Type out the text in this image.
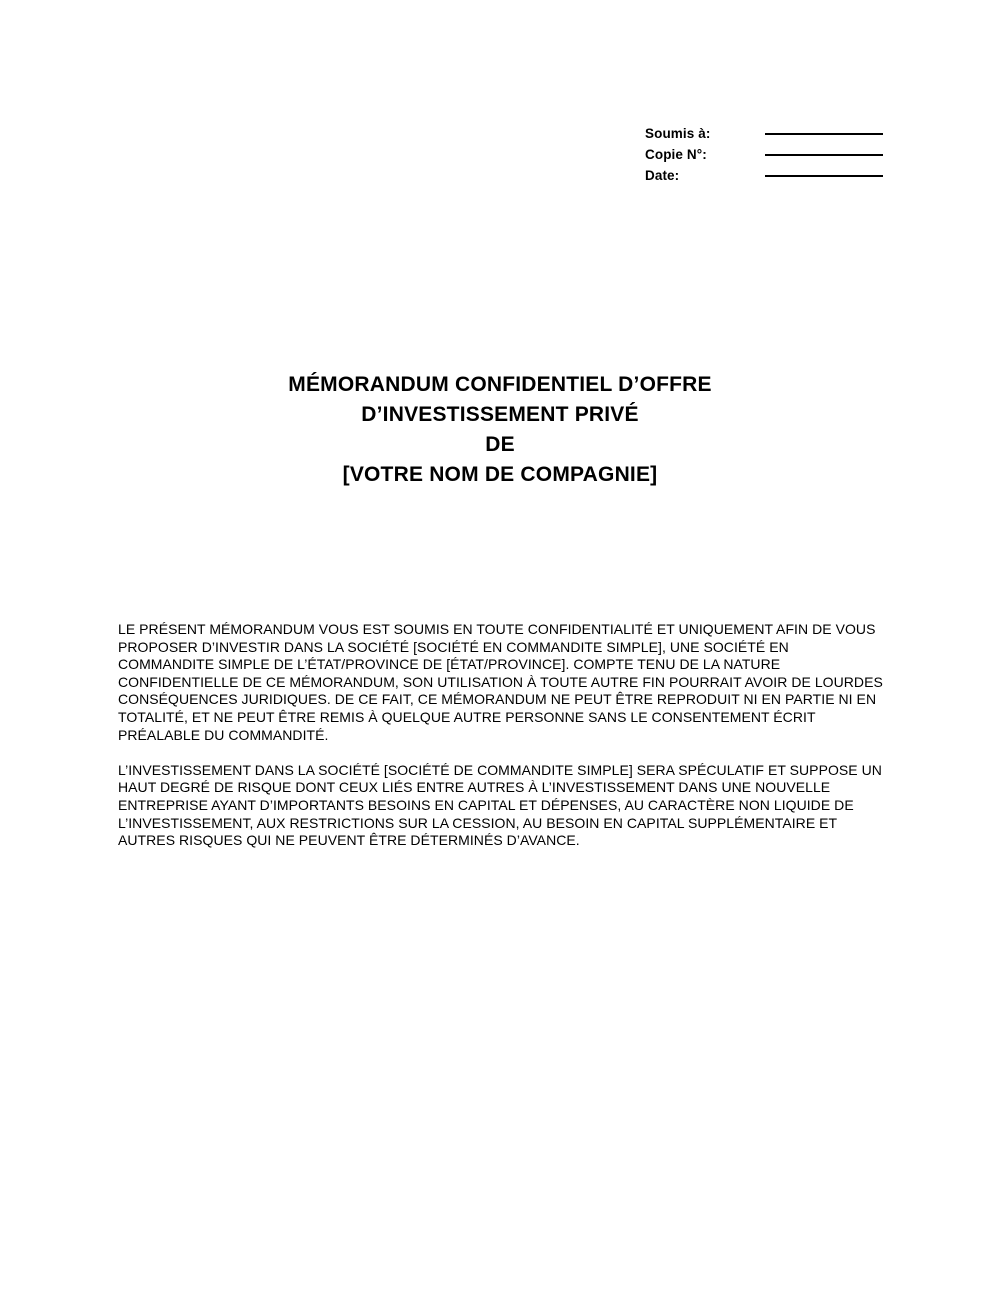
Soumis à:
Copie N°:
Date:
MÉMORANDUM CONFIDENTIEL D’OFFRE
D’INVESTISSEMENT PRIVÉ
DE
[VOTRE NOM DE COMPAGNIE]

LE PRÉSENT MÉMORANDUM VOUS EST SOUMIS EN TOUTE CONFIDENTIALITÉ ET UNIQUEMENT AFIN DE VOUS PROPOSER D’INVESTIR DANS LA SOCIÉTÉ [SOCIÉTÉ EN COMMANDITE SIMPLE], UNE SOCIÉTÉ EN COMMANDITE SIMPLE DE L’ÉTAT/PROVINCE DE [ÉTAT/PROVINCE]. COMPTE TENU DE LA NATURE CONFIDENTIELLE DE CE MÉMORANDUM, SON UTILISATION À TOUTE AUTRE FIN POURRAIT AVOIR DE LOURDES CONSÉQUENCES JURIDIQUES. DE CE FAIT, CE MÉMORANDUM NE PEUT ÊTRE REPRODUIT NI EN PARTIE NI EN TOTALITÉ, ET NE PEUT ÊTRE REMIS À QUELQUE AUTRE PERSONNE SANS LE CONSENTEMENT ÉCRIT PRÉALABLE DU COMMANDITÉ.

L’INVESTISSEMENT DANS LA SOCIÉTÉ [SOCIÉTÉ DE COMMANDITE SIMPLE] SERA SPÉCULATIF ET SUPPOSE UN HAUT DEGRÉ DE RISQUE DONT CEUX LIÉS ENTRE AUTRES À L’INVESTISSEMENT DANS UNE NOUVELLE ENTREPRISE AYANT D’IMPORTANTS BESOINS EN CAPITAL ET DÉPENSES, AU CARACTÈRE NON LIQUIDE DE L’INVESTISSEMENT, AUX RESTRICTIONS SUR LA CESSION, AU BESOIN EN CAPITAL SUPPLÉMENTAIRE ET AUTRES RISQUES QUI NE PEUVENT ÊTRE DÉTERMINÉS D’AVANCE.
